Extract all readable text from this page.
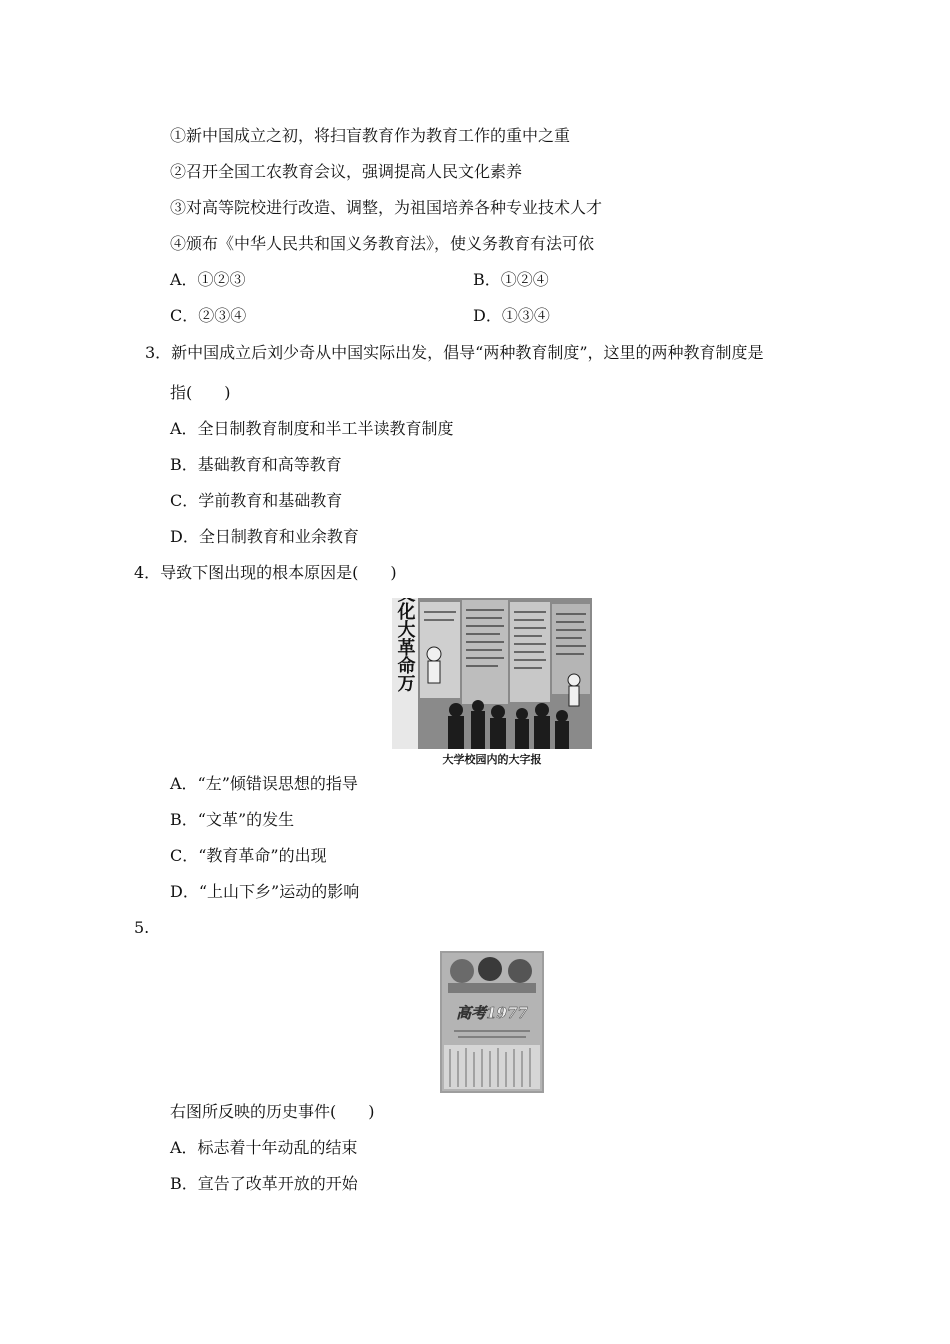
①新中国成立之初，将扫盲教育作为教育工作的重中之重
②召开全国工农教育会议，强调提高人民文化素养
③对高等院校进行改造、调整，为祖国培养各种专业技术人才
④颁布《中华人民共和国义务教育法》，使义务教育有法可依
A．①②③	B．①②④
C．②③④	D．①③④
3．新中国成立后刘少奇从中国实际出发，倡导“两种教育制度”，这里的两种教育制度是
指(　　)
A．全日制教育制度和半工半读教育制度
B．基础教育和高等教育
C．学前教育和基础教育
D．全日制教育和业余教育
4．导致下图出现的根本原因是(　　)
无产阶级文化大革命万
大学校园内的大字报
A．“左”倾错误思想的指导
B．“文革”的发生
C．“教育革命”的出现
D．“上山下乡”运动的影响
5.
高考1977
右图所反映的历史事件(　　)
A．标志着十年动乱的结束
B．宣告了改革开放的开始
